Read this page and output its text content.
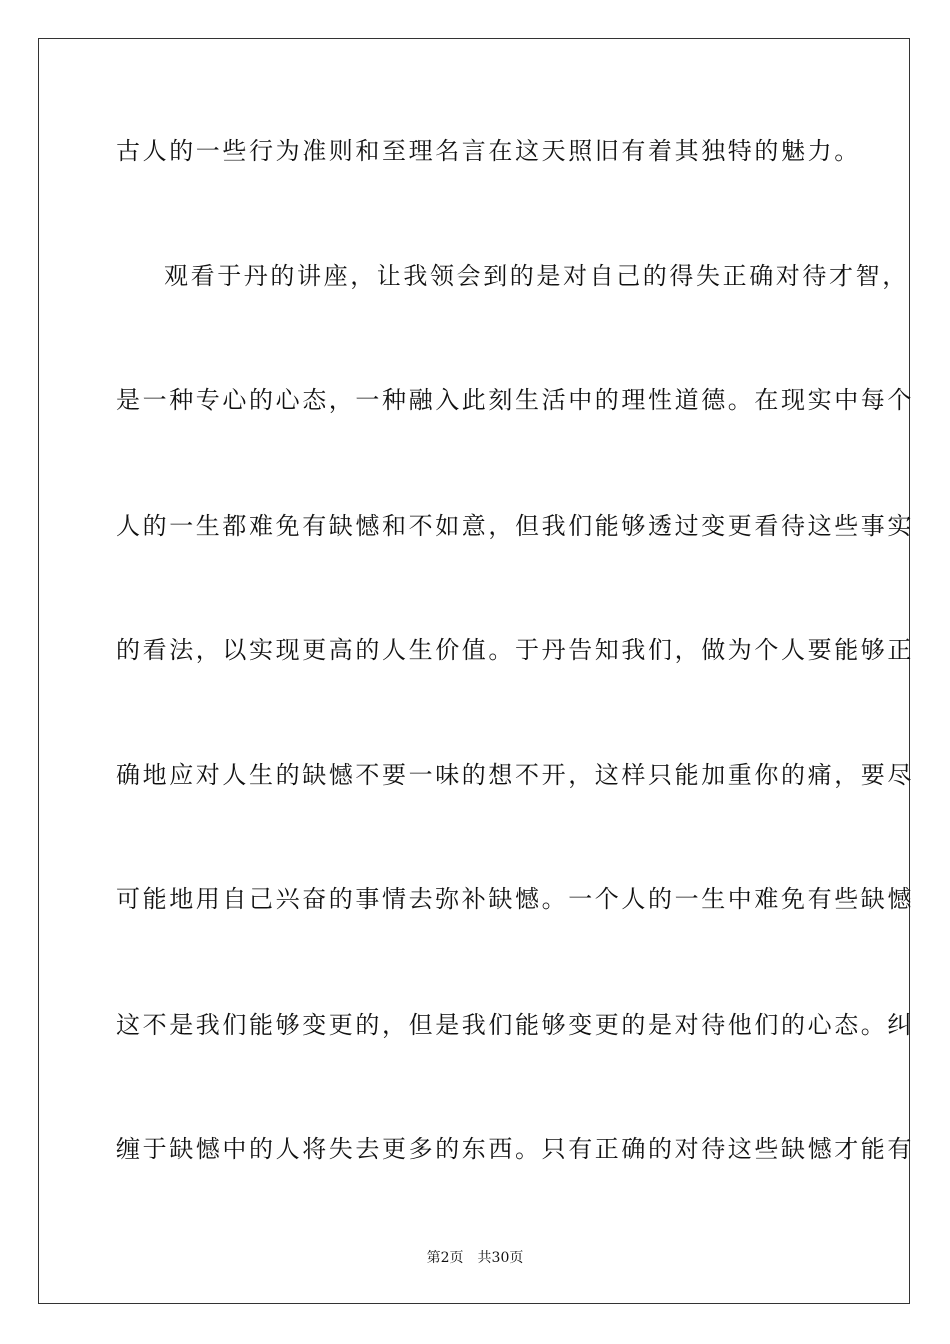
古人的一些行为准则和至理名言在这天照旧有着其独特的魅力。
观看于丹的讲座，让我领会到的是对自己的得失正确对待才智，
是一种专心的心态，一种融入此刻生活中的理性道德。在现实中每个
人的一生都难免有缺憾和不如意，但我们能够透过变更看待这些事实
的看法，以实现更高的人生价值。于丹告知我们，做为个人要能够正
确地应对人生的缺憾不要一味的想不开，这样只能加重你的痛，要尽
可能地用自己兴奋的事情去弥补缺憾。一个人的一生中难免有些缺憾
这不是我们能够变更的，但是我们能够变更的是对待他们的心态。纠
缠于缺憾中的人将失去更多的东西。只有正确的对待这些缺憾才能有
第2页 共30页
